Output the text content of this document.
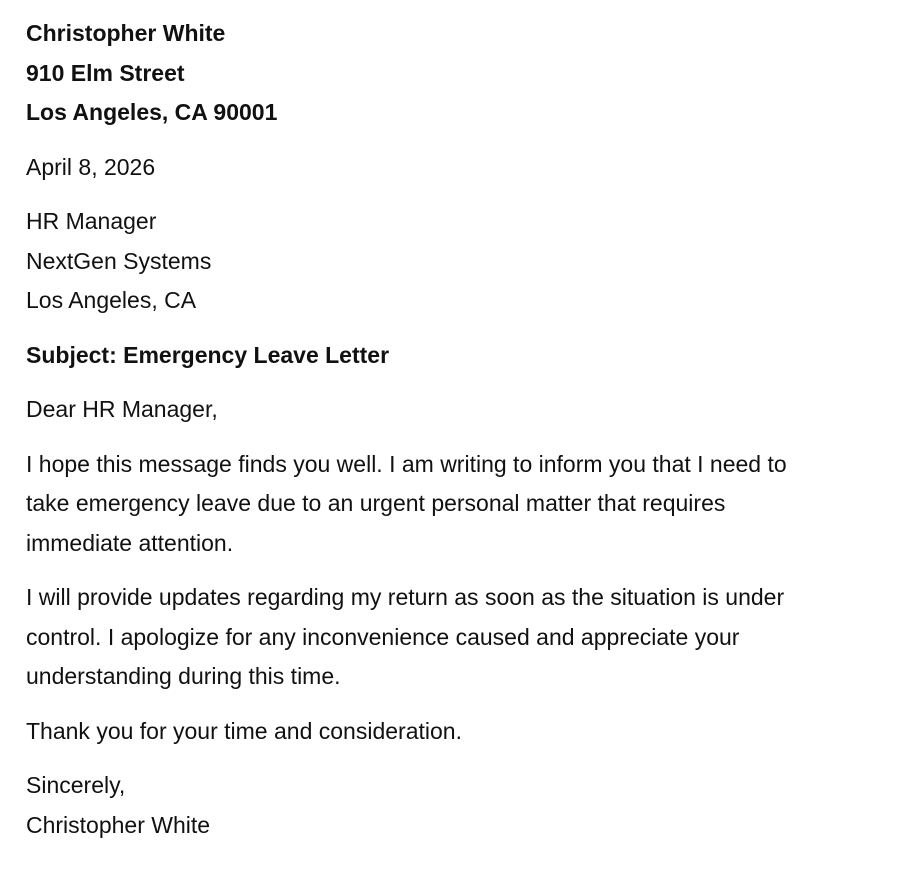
Christopher White
910 Elm Street
Los Angeles, CA 90001
April 8, 2026
HR Manager
NextGen Systems
Los Angeles, CA
Subject: Emergency Leave Letter
Dear HR Manager,
I hope this message finds you well. I am writing to inform you that I need to
take emergency leave due to an urgent personal matter that requires
immediate attention.
I will provide updates regarding my return as soon as the situation is under
control. I apologize for any inconvenience caused and appreciate your
understanding during this time.
Thank you for your time and consideration.
Sincerely,
Christopher White
